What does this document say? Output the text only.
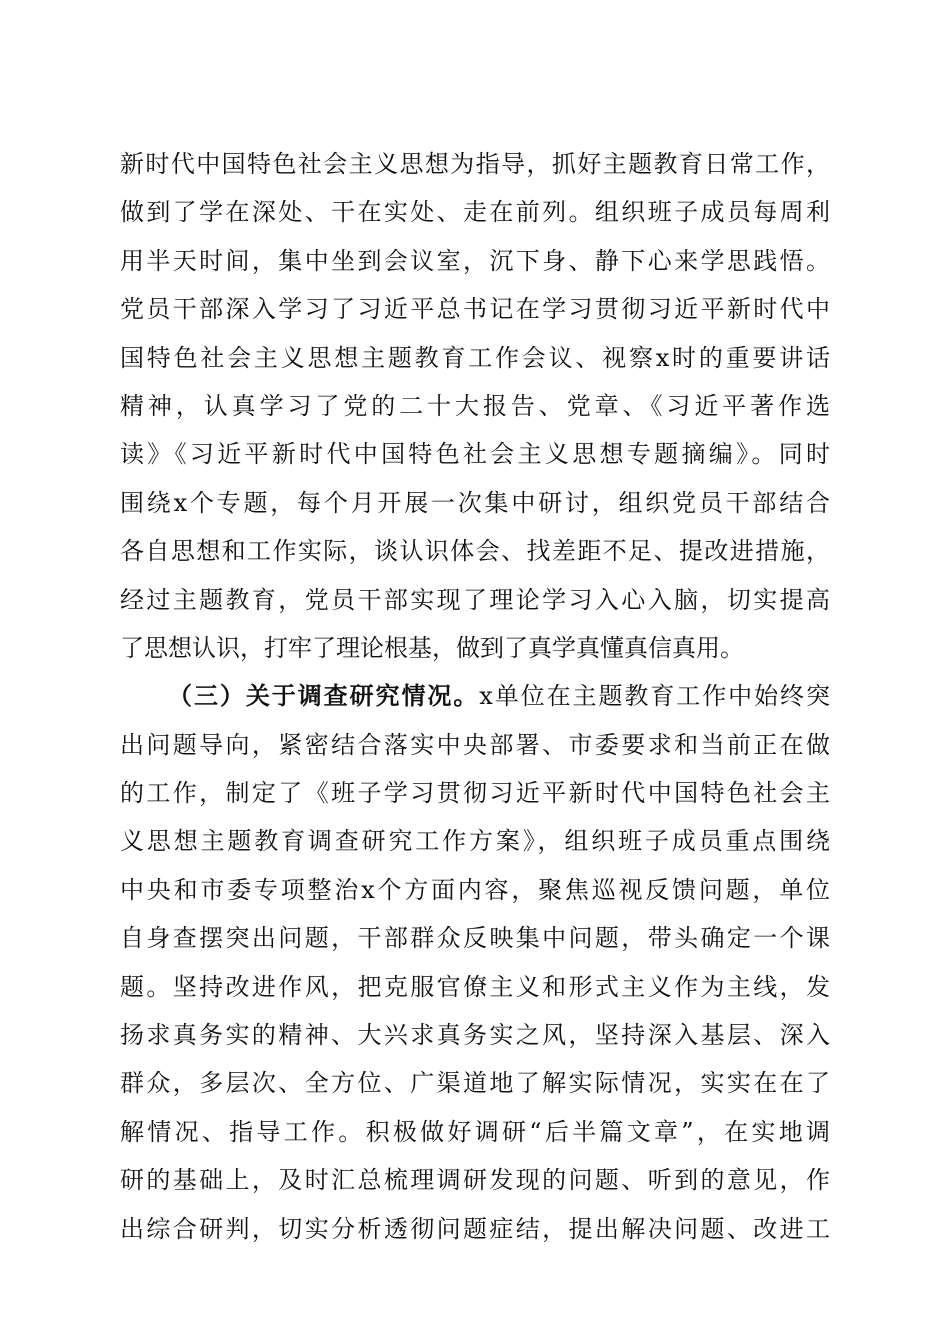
新时代中国特色社会主义思想为指导，抓好主题教育日常工作，
做到了学在深处、干在实处、走在前列。组织班子成员每周利
用半天时间，集中坐到会议室，沉下身、静下心来学思践悟。
党员干部深入学习了习近平总书记在学习贯彻习近平新时代中
国特色社会主义思想主题教育工作会议、视察x时的重要讲话
精神，认真学习了党的二十大报告、党章、《习近平著作选
读》《习近平新时代中国特色社会主义思想专题摘编》。同时
围绕x个专题，每个月开展一次集中研讨，组织党员干部结合
各自思想和工作实际，谈认识体会、找差距不足、提改进措施，
经过主题教育，党员干部实现了理论学习入心入脑，切实提高
了思想认识，打牢了理论根基，做到了真学真懂真信真用。
（三）关于调查研究情况。x单位在主题教育工作中始终突
出问题导向，紧密结合落实中央部署、市委要求和当前正在做
的工作，制定了《班子学习贯彻习近平新时代中国特色社会主
义思想主题教育调查研究工作方案》，组织班子成员重点围绕
中央和市委专项整治x个方面内容，聚焦巡视反馈问题，单位
自身查摆突出问题，干部群众反映集中问题，带头确定一个课
题。坚持改进作风，把克服官僚主义和形式主义作为主线，发
扬求真务实的精神、大兴求真务实之风，坚持深入基层、深入
群众，多层次、全方位、广渠道地了解实际情况，实实在在了
解情况、指导工作。积极做好调研“后半篇文章”，在实地调
研的基础上，及时汇总梳理调研发现的问题、听到的意见，作
出综合研判，切实分析透彻问题症结，提出解决问题、改进工
